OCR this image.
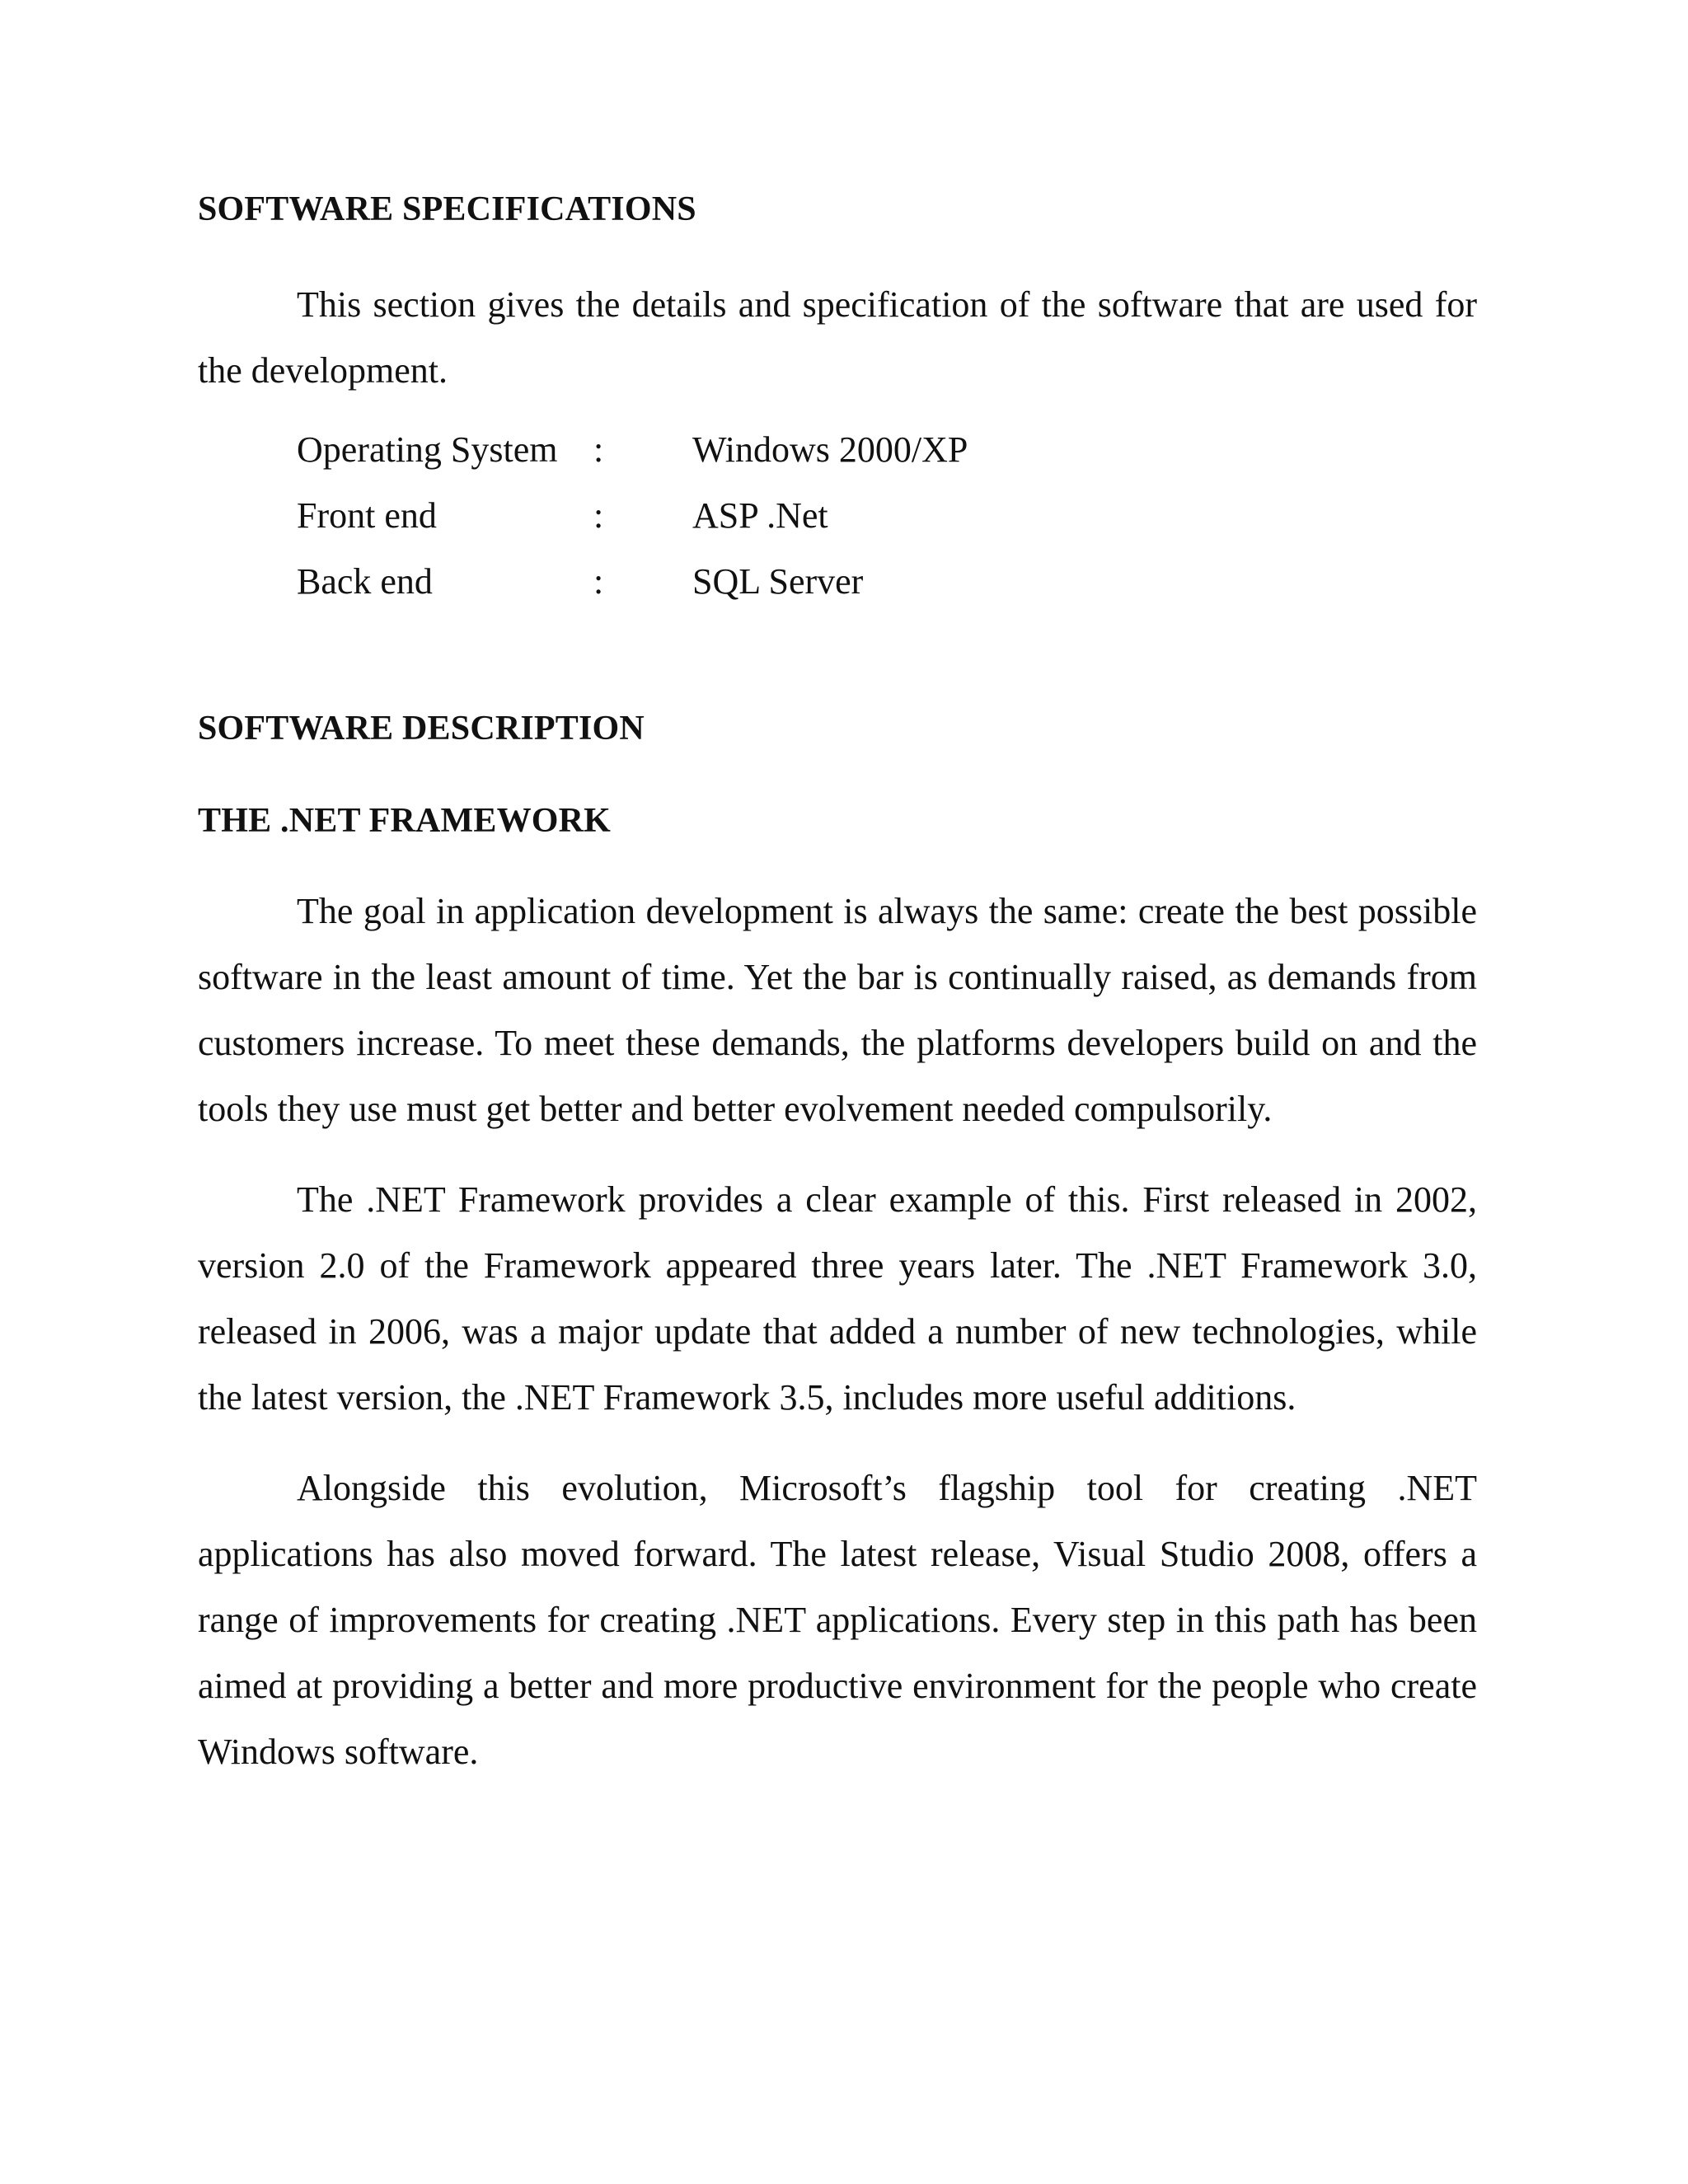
SOFTWARE SPECIFICATIONS

This section gives the details and specification of the software that are used for the development.

Operating System :	Windows 2000/XP
Front end	:	ASP .Net
Back end	:	SQL Server
SOFTWARE DESCRIPTION
THE .NET FRAMEWORK

The goal in application development is always the same: create the best possible software in the least amount of time. Yet the bar is continually raised, as demands from customers increase. To meet these demands, the platforms developers build on and the tools they use must get better and better evolvement needed compulsorily.

The .NET Framework provides a clear example of this. First released in 2002, version 2.0 of the Framework appeared three years later. The .NET Framework 3.0, released in 2006, was a major update that added a number of new technologies, while the latest version, the .NET Framework 3.5, includes more useful additions.

Alongside this evolution, Microsoft’s flagship tool for creating .NET applications has also moved forward. The latest release, Visual Studio 2008, offers a range of improvements for creating .NET applications. Every step in this path has been aimed at providing a better and more productive environment for the people who create Windows software.
